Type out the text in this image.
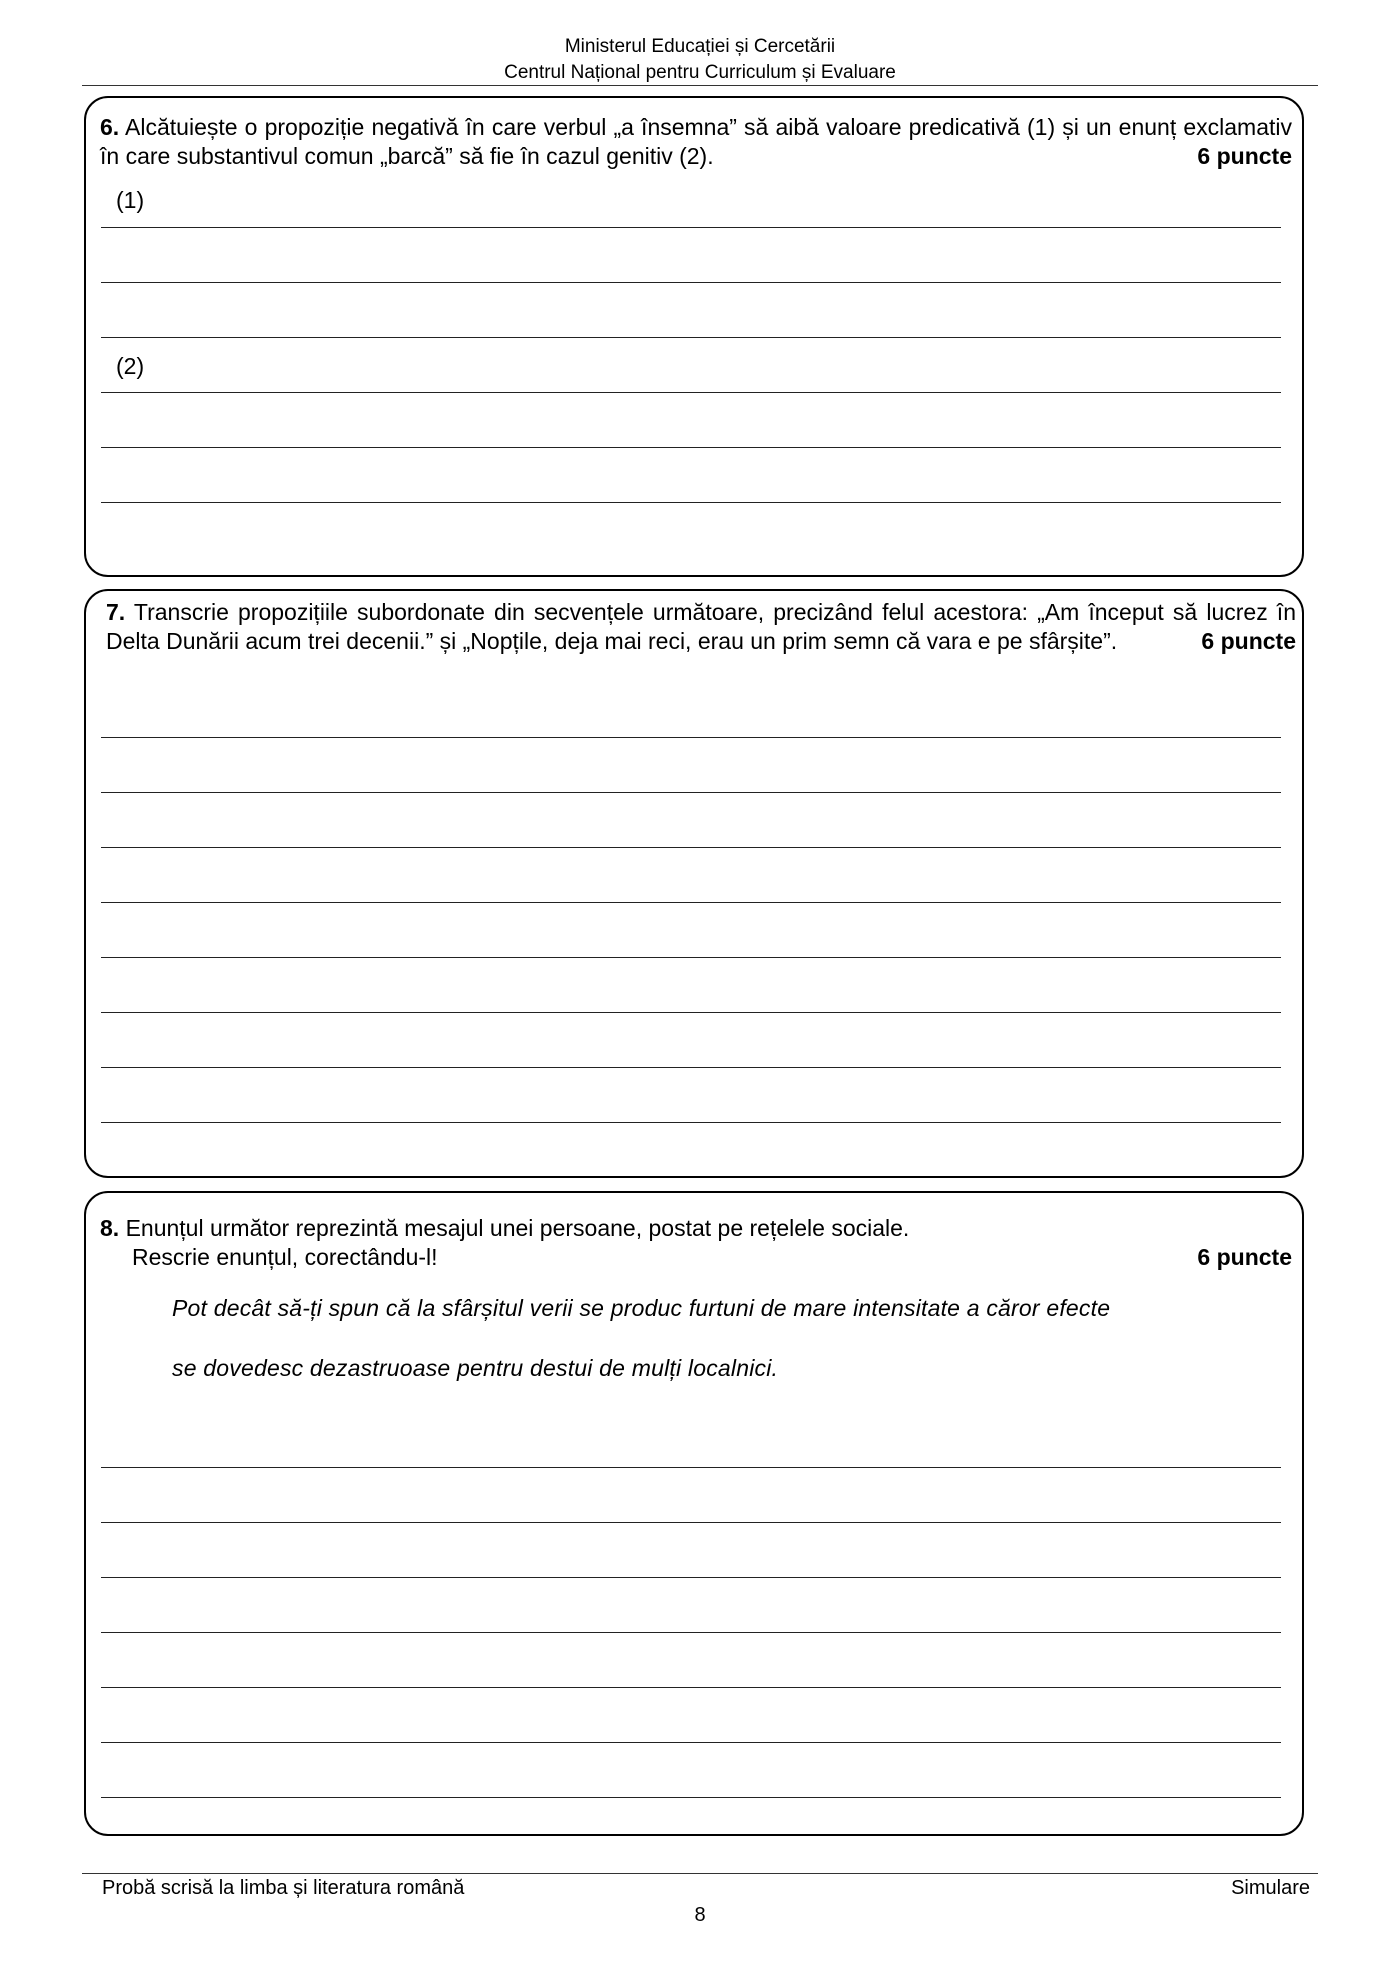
Ministerul Educației și Cercetării
Centrul Național pentru Curriculum și Evaluare
6. Alcătuiește o propoziție negativă în care verbul „a însemna” să aibă valoare predicativă (1) și un enunț exclamativ în care substantivul comun „barcă” să fie în cazul genitiv (2).	6 puncte
(1)
(2)
7. Transcrie propozițiile subordonate din secvențele următoare, precizând felul acestora: „Am început să lucrez în Delta Dunării acum trei decenii.” și „Nopțile, deja mai reci, erau un prim semn că vara e pe sfârșite”.	6 puncte
8. Enunțul următor reprezintă mesajul unei persoane, postat pe rețelele sociale.
6 puncte
Rescrie enunțul, corectându-l!
Pot decât să-ți spun că la sfârșitul verii se produc furtuni de mare intensitate a căror efecte
se dovedesc dezastruoase pentru destui de mulți localnici.
Probă scrisă la limba și literatura română	Simulare
8
